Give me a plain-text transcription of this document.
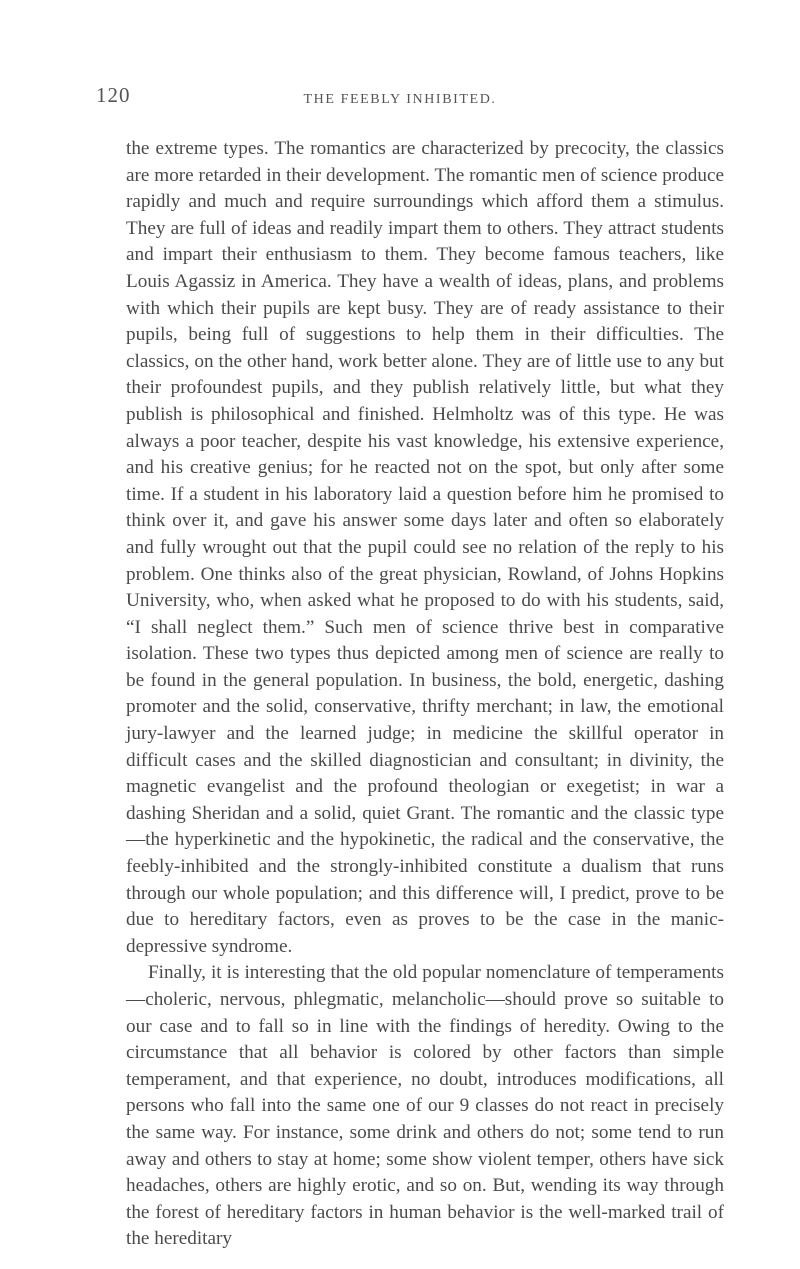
120	THE FEEBLY INHIBITED.

the extreme types. The romantics are characterized by precocity, the classics are more retarded in their development. The romantic men of science produce rapidly and much and require surroundings which afford them a stimulus. They are full of ideas and readily impart them to others. They attract students and impart their enthusiasm to them. They become famous teachers, like Louis Agassiz in America. They have a wealth of ideas, plans, and problems with which their pupils are kept busy. They are of ready assistance to their pupils, being full of suggestions to help them in their difficulties. The classics, on the other hand, work better alone. They are of little use to any but their profoundest pupils, and they publish relatively little, but what they publish is philosophical and finished. Helmholtz was of this type. He was always a poor teacher, despite his vast knowledge, his extensive experience, and his creative genius; for he reacted not on the spot, but only after some time. If a student in his laboratory laid a question before him he promised to think over it, and gave his answer some days later and often so elaborately and fully wrought out that the pupil could see no relation of the reply to his problem. One thinks also of the great physician, Rowland, of Johns Hopkins University, who, when asked what he proposed to do with his students, said, “I shall neglect them.” Such men of science thrive best in comparative isolation. These two types thus depicted among men of science are really to be found in the general population. In business, the bold, energetic, dashing promoter and the solid, conservative, thrifty merchant; in law, the emotional jury-lawyer and the learned judge; in medicine the skillful operator in difficult cases and the skilled diagnostician and consultant; in divinity, the magnetic evangelist and the profound theologian or exegetist; in war a dashing Sheridan and a solid, quiet Grant. The romantic and the classic type—the hyperkinetic and the hypokinetic, the radical and the conservative, the feebly-inhibited and the strongly-inhibited constitute a dualism that runs through our whole population; and this difference will, I predict, prove to be due to hereditary factors, even as proves to be the case in the manic-depressive syndrome.

Finally, it is interesting that the old popular nomenclature of temperaments—choleric, nervous, phlegmatic, melancholic—should prove so suitable to our case and to fall so in line with the findings of heredity. Owing to the circumstance that all behavior is colored by other factors than simple temperament, and that experience, no doubt, introduces modifications, all persons who fall into the same one of our 9 classes do not react in precisely the same way. For instance, some drink and others do not; some tend to run away and others to stay at home; some show violent temper, others have sick headaches, others are highly erotic, and so on. But, wending its way through the forest of hereditary factors in human behavior is the well-marked trail of the hereditary
